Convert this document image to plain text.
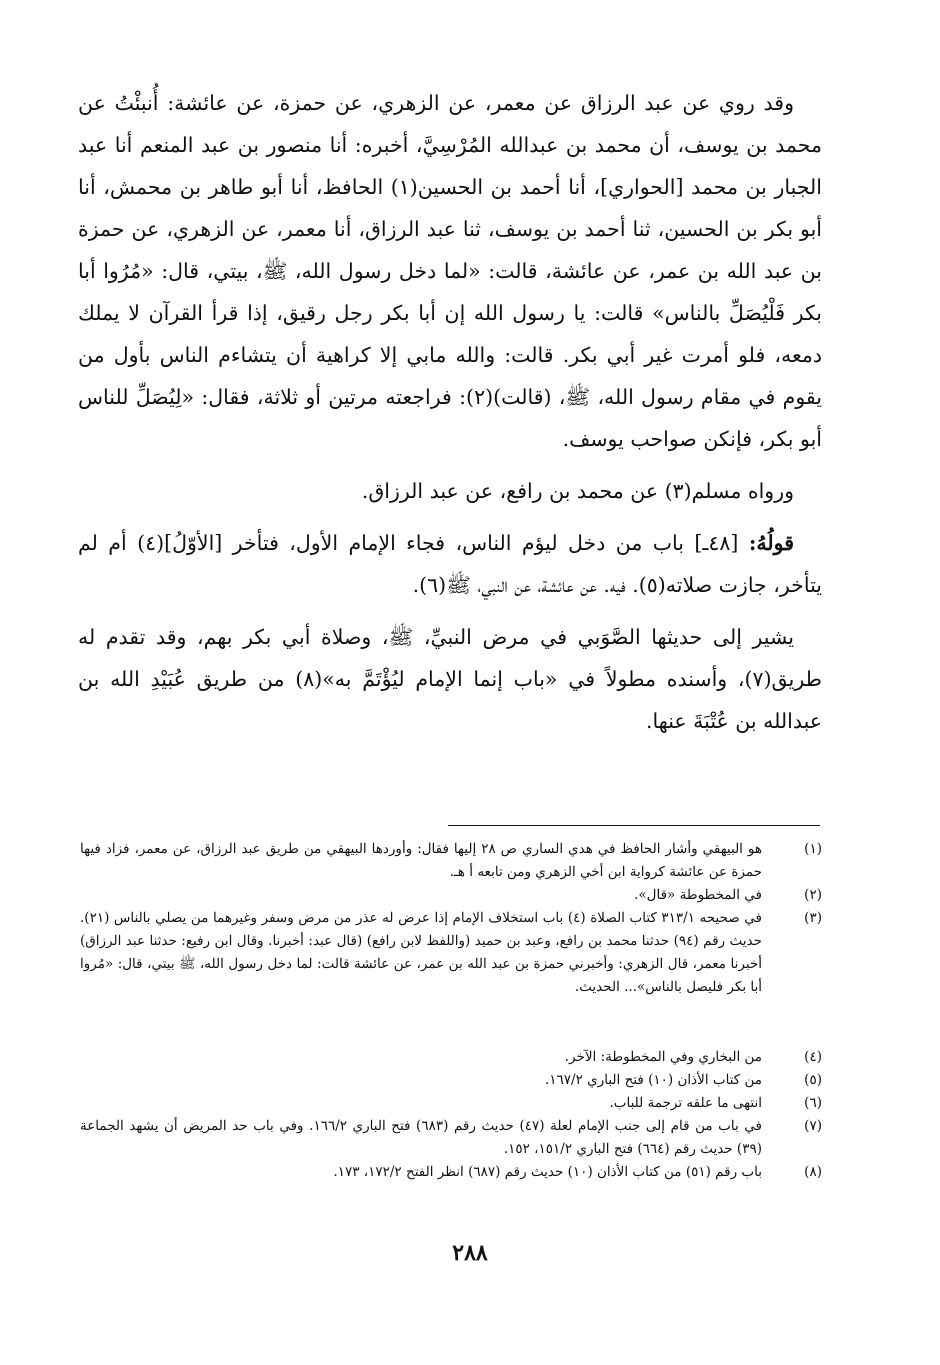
وقد روي عن عبد الرزاق عن معمر، عن الزهري، عن حمزة، عن عائشة: أُنبئْتُ عن محمد بن يوسف، أن محمد بن عبدالله المُرْسِيَّ، أخبره: أنا منصور بن عبد المنعم أنا عبد الجبار بن محمد [الحواري]، أنا أحمد بن الحسين(١) الحافظ، أنا أبو طاهر بن محمش، أنا أبو بكر بن الحسين، ثنا أحمد بن يوسف، ثنا عبد الرزاق، أنا معمر، عن الزهري، عن حمزة بن عبد الله بن عمر، عن عائشة، قالت: «لما دخل رسول الله، ﷺ، بيتي، قال: «مُرُوا أبا بكر فَلْيُصَلِّ بالناس» قالت: يا رسول الله إن أبا بكر رجل رقيق، إذا قرأ القرآن لا يملك دمعه، فلو أمرت غير أبي بكر. قالت: والله مابي إلا كراهية أن يتشاءم الناس بأول من يقوم في مقام رسول الله، ﷺ، (قالت)(٢): فراجعته مرتين أو ثلاثة، فقال: «لِيُصَلِّ للناس أبو بكر، فإنكن صواحب يوسف.

ورواه مسلم(٣) عن محمد بن رافع، عن عبد الرزاق.

قولُهُ: [٤٨ـ] باب من دخل ليؤم الناس، فجاء الإمام الأول، فتأخر [الأوّلُ](٤) أم لم يتأخر، جازت صلاته(٥). فيه. عن عائشة، عن النبي، ﷺ(٦).

يشير إلى حديثها الصَّوَبي في مرض النبيِّ، ﷺ، وصلاة أبي بكر بهم، وقد تقدم له طريق(٧)، وأسنده مطولاً في «باب إنما الإمام ليُؤْتَمَّ به»(٨) من طريق عُبَيْدِ الله بن عبدالله بن عُتْبَةَ عنها.

(١)
هو البيهقي وأشار الحافظ في هدي الساري ص ٢٨ إليها فقال: وأوردها البيهقي من طريق عبد الرزاق، عن معمر، فزاد فيها حمزة عن عائشة كرواية ابن أخي الزهري ومن تابعه أ هـ.
(٢)
في المخطوطة «قال».
(٣)
في صحيحه ٣١٣/١ كتاب الصلاة (٤) باب استخلاف الإمام إذا عرض له عذر من مرض وسفر وغيرهما من يصلي بالناس (٢١). حديث رقم (٩٤) حدثنا محمد بن رافع، وعبد بن حميد (واللفظ لابن رافع) (قال عبد: أخبرنا. وقال ابن رفيع: حدثنا عبد الرزاق) أخبرنا معمر، قال الزهري: وأخبرني حمزة بن عبد الله بن عمر، عن عائشة قالت: لما دخل رسول الله، ﷺ بيتي، قال: «مُروا أبا بكر فليصل بالناس»... الحديث.
(٤)
من البخاري وفي المخطوطة: الآخر.
(٥)
من كتاب الأذان (١٠) فتح الباري ١٦٧/٢.
(٦)
انتهى ما علقه ترجمة للباب.
(٧)
في باب من قام إلى جنب الإمام لعلة (٤٧) حديث رقم (٦٨٣) فتح الباري ١٦٦/٢. وفي باب حد المريض أن يشهد الجماعة (٣٩) حديث رقم (٦٦٤) فتح الباري ١٥١/٢، ١٥٢.
(٨)
باب رقم (٥١) من كتاب الأذان (١٠) حديث رقم (٦٨٧) انظر الفتح ١٧٢/٢، ١٧٣.
٢٨٨
